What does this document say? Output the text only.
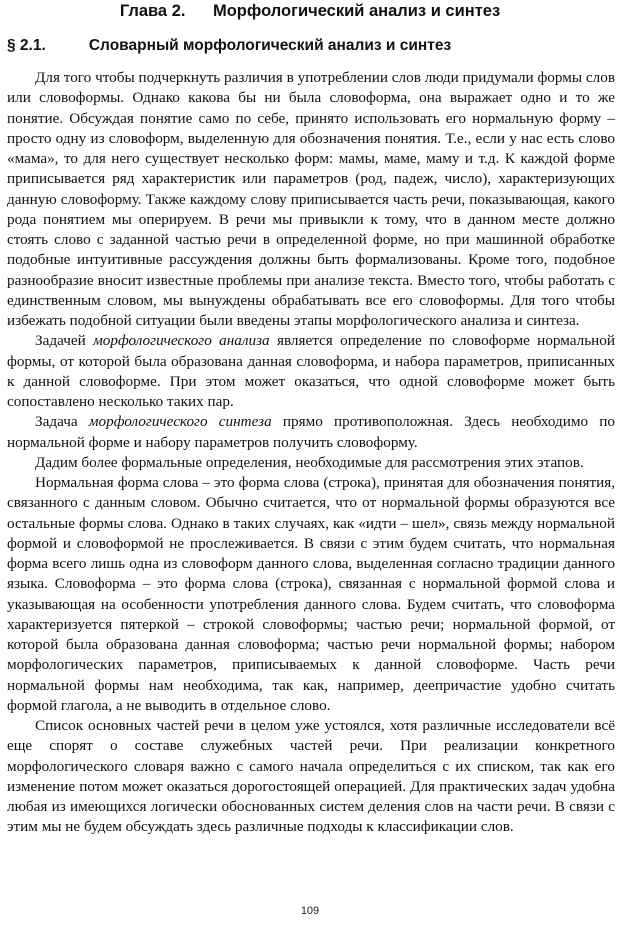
Глава 2. Морфологический анализ и синтез
§ 2.1.	Словарный морфологический анализ и синтез

Для того чтобы подчеркнуть различия в употреблении слов люди придумали формы слов или словоформы. Однако какова бы ни была словоформа, она выражает одно и то же понятие. Обсуждая понятие само по себе, принято использовать его нормальную форму – просто одну из словоформ, выделенную для обозначения понятия. Т.е., если у нас есть слово «мама», то для него существует несколько форм: мамы, маме, маму и т.д. К каждой форме приписывается ряд характеристик или параметров (род, падеж, число), характеризующих данную словоформу. Также каждому слову приписывается часть речи, показывающая, какого рода понятием мы оперируем. В речи мы привыкли к тому, что в данном месте должно стоять слово с заданной частью речи в определенной форме, но при машинной обработке подобные интуитивные рассуждения должны быть формализованы. Кроме того, подобное разнообразие вносит известные проблемы при анализе текста. Вместо того, чтобы работать с единственным словом, мы вынуждены обрабатывать все его словоформы. Для того чтобы избежать подобной ситуации были введены этапы морфологического анализа и синтеза.

Задачей морфологического анализа является определение по словоформе нормальной формы, от которой была образована данная словоформа, и набора параметров, приписанных к данной словоформе. При этом может оказаться, что одной словоформе может быть сопоставлено несколько таких пар.

Задача морфологического синтеза прямо противоположная. Здесь необходимо по нормальной форме и набору параметров получить словоформу.

Дадим более формальные определения, необходимые для рассмотрения этих этапов.

Нормальная форма слова – это форма слова (строка), принятая для обозначения понятия, связанного с данным словом. Обычно считается, что от нормальной формы образуются все остальные формы слова. Однако в таких случаях, как «идти – шел», связь между нормальной формой и словоформой не прослеживается. В связи с этим будем считать, что нормальная форма всего лишь одна из словоформ данного слова, выделенная согласно традиции данного языка. Словоформа – это форма слова (строка), связанная с нормальной формой слова и указывающая на особенности употребления данного слова. Будем считать, что словоформа характеризуется пятеркой – строкой словоформы; частью речи; нормальной формой, от которой была образована данная словоформа; частью речи нормальной формы; набором морфологических параметров, приписываемых к данной словоформе. Часть речи нормальной формы нам необходима, так как, например, деепричастие удобно считать формой глагола, а не выводить в отдельное слово.

Список основных частей речи в целом уже устоялся, хотя различные исследователи всё еще спорят о составе служебных частей речи. При реализации конкретного морфологического словаря важно с самого начала определиться с их списком, так как его изменение потом может оказаться дорогостоящей операцией. Для практических задач удобна любая из имеющихся логически обоснованных систем деления слов на части речи. В связи с этим мы не будем обсуждать здесь различные подходы к классификации слов.

109
